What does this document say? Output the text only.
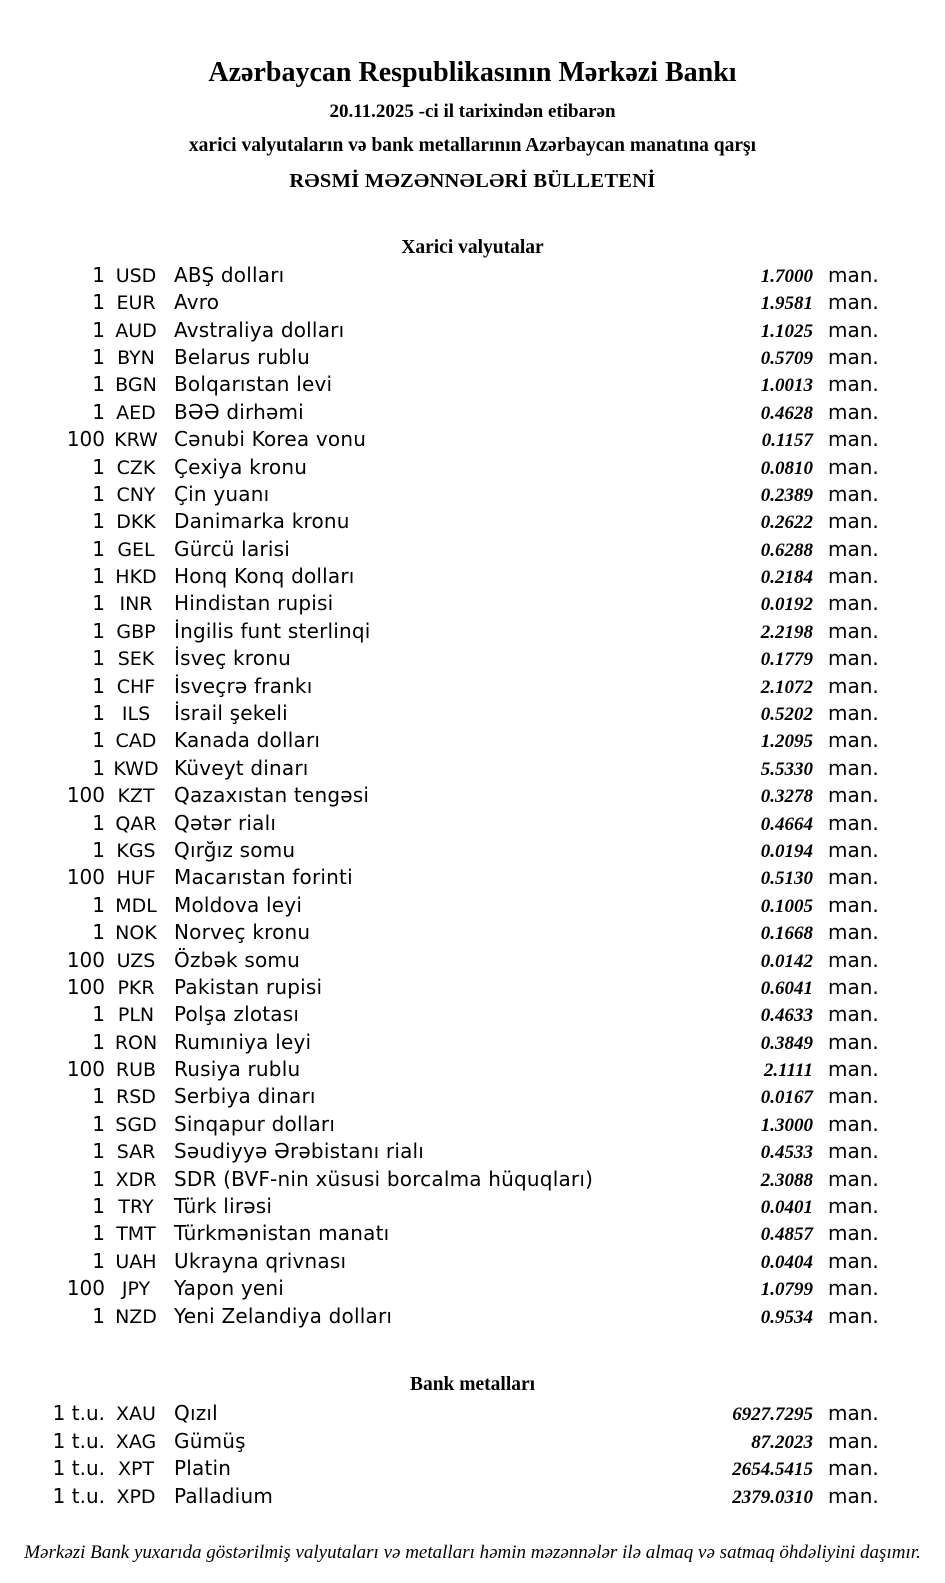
Azərbaycan Respublikasının Mərkəzi Bankı
20.11.2025 -ci il tarixindən etibarən
xarici valyutaların və bank metallarının Azərbaycan manatına qarşı
RƏSMİ MƏZƏNNƏLƏRİ BÜLLETENİ
Xarici valyutalar
1 USD ABŞ dolları	1.7000 man.
1 EUR Avro	1.9581 man.
1 AUD Avstraliya dolları	1.1025 man.
1 BYN Belarus rublu	0.5709 man.
1 BGN Bolqarıstan levi	1.0013 man.
1 AED BƏƏ dirhəmi	0.4628 man.
100 KRW Cənubi Korea vonu	0.1157 man.
1 CZK Çexiya kronu	0.0810 man.
1 CNY Çin yuanı	0.2389 man.
1 DKK Danimarka kronu	0.2622 man.
1 GEL Gürcü larisi	0.6288 man.
1 HKD Honq Konq dolları	0.2184 man.
1 INR	Hindistan rupisi	0.0192 man.
1 GBP İngilis funt sterlinqi	2.2198 man.
1 SEK İsveç kronu	0.1779 man.
1 CHF İsveçrə frankı	2.1072 man.
1 ILS	İsrail şekeli	0.5202 man.
1 CAD Kanada dolları	1.2095 man.
1 KWD Küveyt dinarı	5.5330 man.
100 KZT Qazaxıstan tengəsi	0.3278 man.
1 QAR Qətər rialı	0.4664 man.
1 KGS Qırğız somu	0.0194 man.
100 HUF Macarıstan forinti	0.5130 man.
1 MDL Moldova leyi	0.1005 man.
1 NOK Norveç kronu	0.1668 man.
100 UZS Özbək somu	0.0142 man.
100 PKR Pakistan rupisi	0.6041 man.
1 PLN Polşa zlotası	0.4633 man.
1 RON Rumıniya leyi	0.3849 man.
100 RUB Rusiya rublu	2.1111 man.
1 RSD Serbiya dinarı	0.0167 man.
1 SGD Sinqapur dolları	1.3000 man.
1 SAR Səudiyyə Ərəbistanı rialı	0.4533 man.
1 XDR SDR (BVF-nin xüsusi borcalma hüquqları)	2.3088 man.
1 TRY	Türk lirəsi	0.0401 man.
1 TMT Türkmənistan manatı	0.4857 man.
1 UAH Ukrayna qrivnası	0.0404 man.
100 JPY	Yapon yeni	1.0799 man.
1 NZD Yeni Zelandiya dolları	0.9534 man.
Bank metalları
1 t.u. XAU Qızıl	6927.7295 man.
1 t.u. XAG Gümüş	87.2023 man.
1 t.u. XPT Platin	2654.5415 man.
1 t.u. XPD Palladium	2379.0310 man.
Mərkəzi Bank yuxarıda göstərilmiş valyutaları və metalları həmin məzənnələr ilə almaq və satmaq öhdəliyini daşımır.
